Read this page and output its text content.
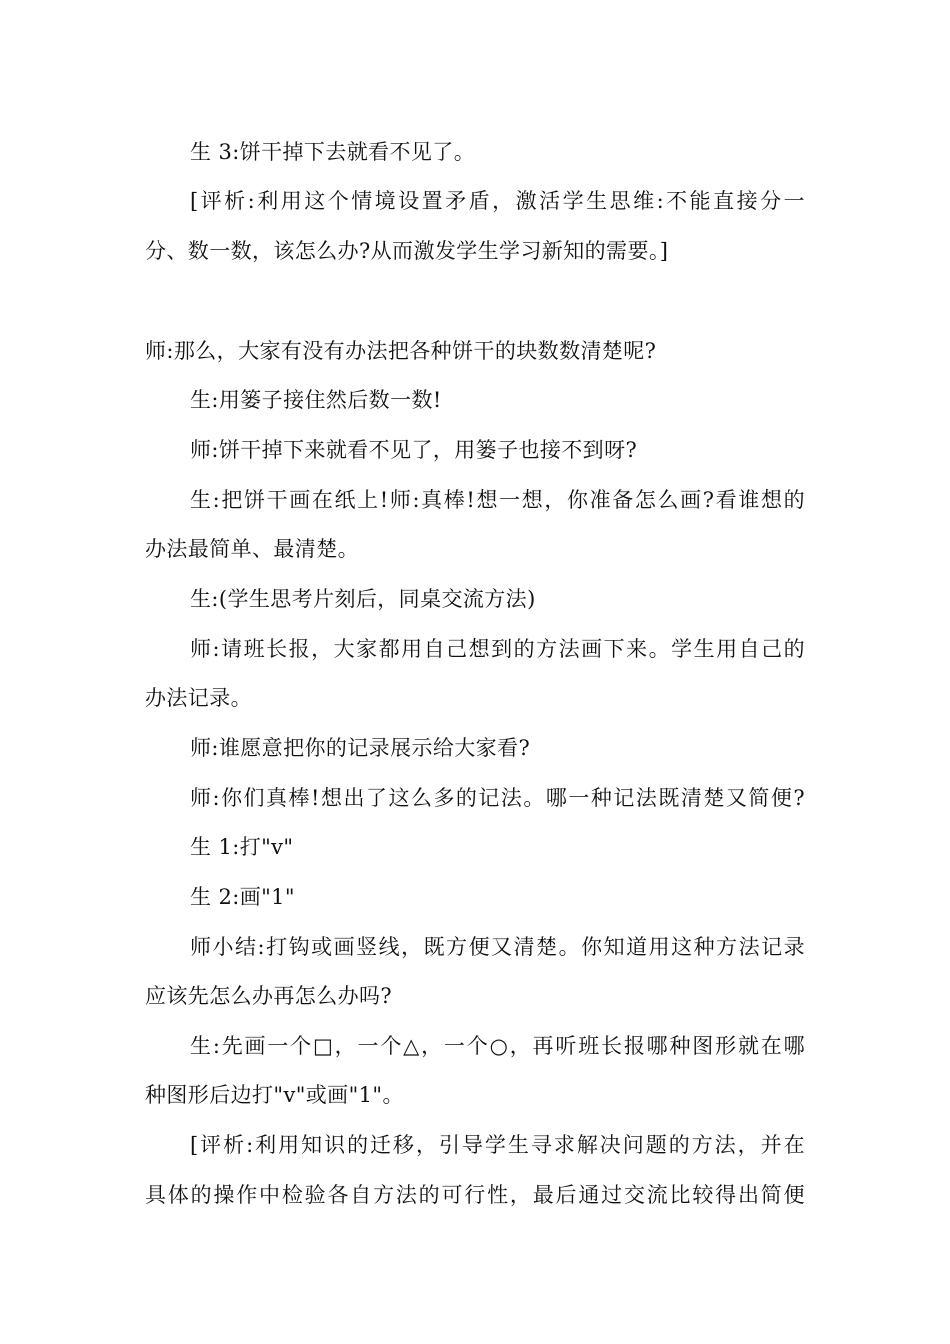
生 3:饼干掉下去就看不见了。
[评析:利用这个情境设置矛盾，激活学生思维:不能直接分一
分、数一数，该怎么办?从而激发学生学习新知的需要。]
师:那么，大家有没有办法把各种饼干的块数数清楚呢?
生:用篓子接住然后数一数!
师:饼干掉下来就看不见了，用篓子也接不到呀?
生:把饼干画在纸上!师:真棒!想一想，你准备怎么画?看谁想的
办法最简单、最清楚。
生:(学生思考片刻后，同桌交流方法)
师:请班长报，大家都用自己想到的方法画下来。学生用自己的
办法记录。
师:谁愿意把你的记录展示给大家看?
师:你们真棒!想出了这么多的记法。哪一种记法既清楚又简便?
生 1:打"v"
生 2:画"1"
师小结:打钩或画竖线，既方便又清楚。你知道用这种方法记录
应该先怎么办再怎么办吗?
生:先画一个□，一个△，一个○，再听班长报哪种图形就在哪
种图形后边打"v"或画"1"。
[评析:利用知识的迁移，引导学生寻求解决问题的方法，并在
具体的操作中检验各自方法的可行性，最后通过交流比较得出简便
